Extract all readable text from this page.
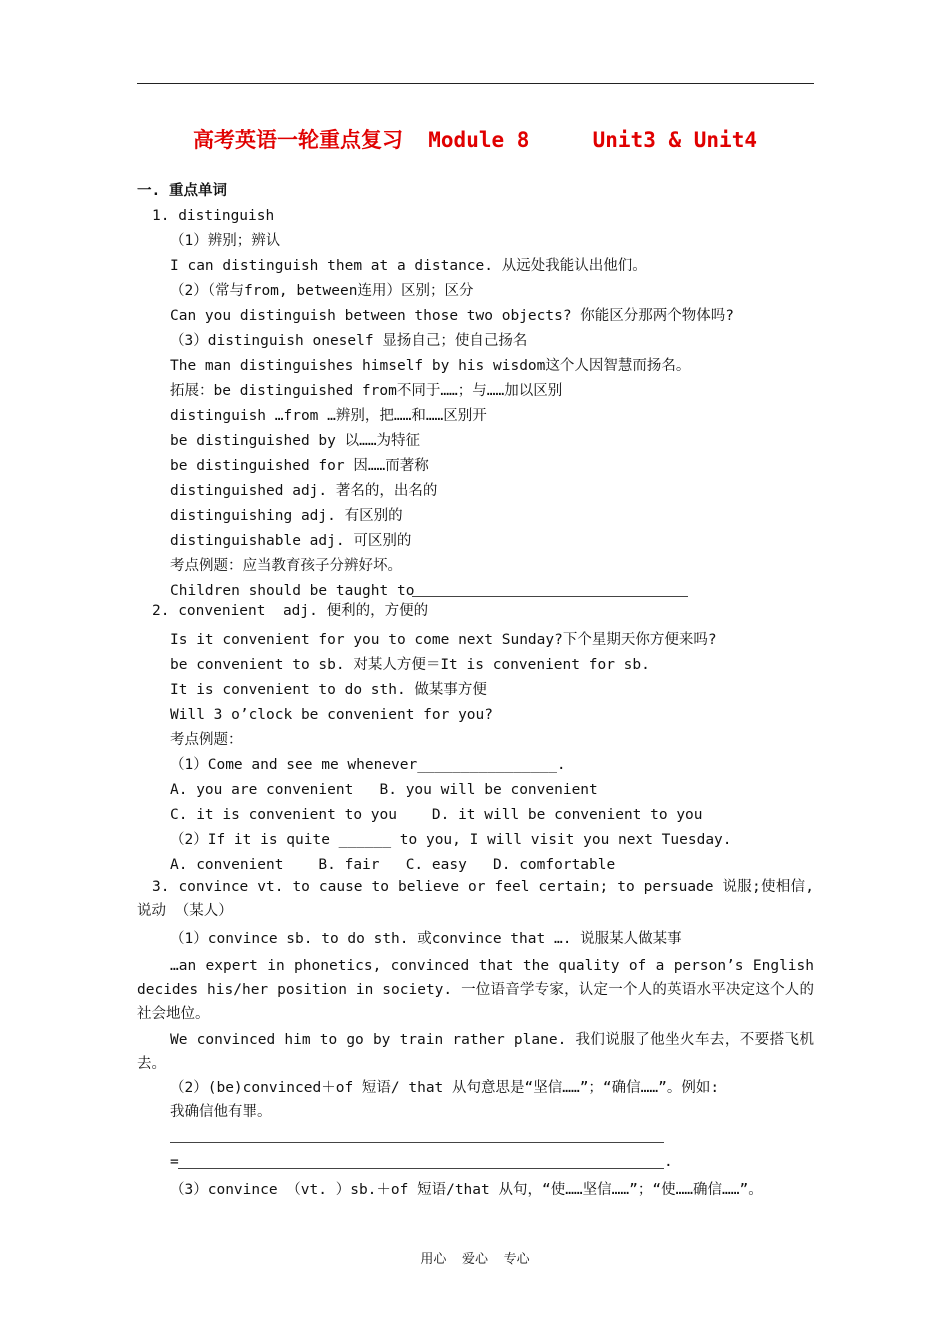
高考英语一轮重点复习  Module 8     Unit3 & Unit4
一. 重点单词
1. distinguish
（1）辨别；辨认
I can distinguish them at a distance. 从远处我能认出他们。
（2）（常与from, between连用）区别；区分
Can you distinguish between those two objects? 你能区分那两个物体吗?
（3）distinguish oneself 显扬自己；使自己扬名
The man distinguishes himself by his wisdom这个人因智慧而扬名。
拓展：be distinguished from不同于……；与……加以区别
distinguish …from …辨别，把……和……区别开
be distinguished by 以……为特征
be distinguished for 因……而著称
distinguished adj. 著名的，出名的
distinguishing adj. 有区别的
distinguishable adj. 可区别的
考点例题：应当教育孩子分辨好坏。
Children should be taught to
2. convenient  adj. 便利的，方便的
Is it convenient for you to come next Sunday?下个星期天你方便来吗?
be convenient to sb. 对某人方便＝It is convenient for sb.
It is convenient to do sth. 做某事方便
Will 3 o’clock be convenient for you?
考点例题：
（1）Come and see me whenever________________.
A. you are convenient   B. you will be convenient
C. it is convenient to you    D. it will be convenient to you
（2）If it is quite ______ to you, I will visit you next Tuesday.
A. convenient    B. fair   C. easy   D. comfortable
3. convince vt. to cause to believe or feel certain; to persuade 说服;使相信,说动 （某人）
（1）convince sb. to do sth. 或convince that …. 说服某人做某事
…an expert in phonetics, convinced that the quality of a person’s English decides his/her position in society. 一位语音学专家，认定一个人的英语水平决定这个人的社会地位。
We convinced him to go by train rather plane. 我们说服了他坐火车去，不要搭飞机去。
（2）(be)convinced＋of 短语/ that 从句意思是“坚信……”；“确信……”。例如:
我确信他有罪。
=	.
（3）convince （vt. ）sb.＋of 短语/that 从句，“使……坚信……”；“使……确信……”。
用心  爱心  专心
